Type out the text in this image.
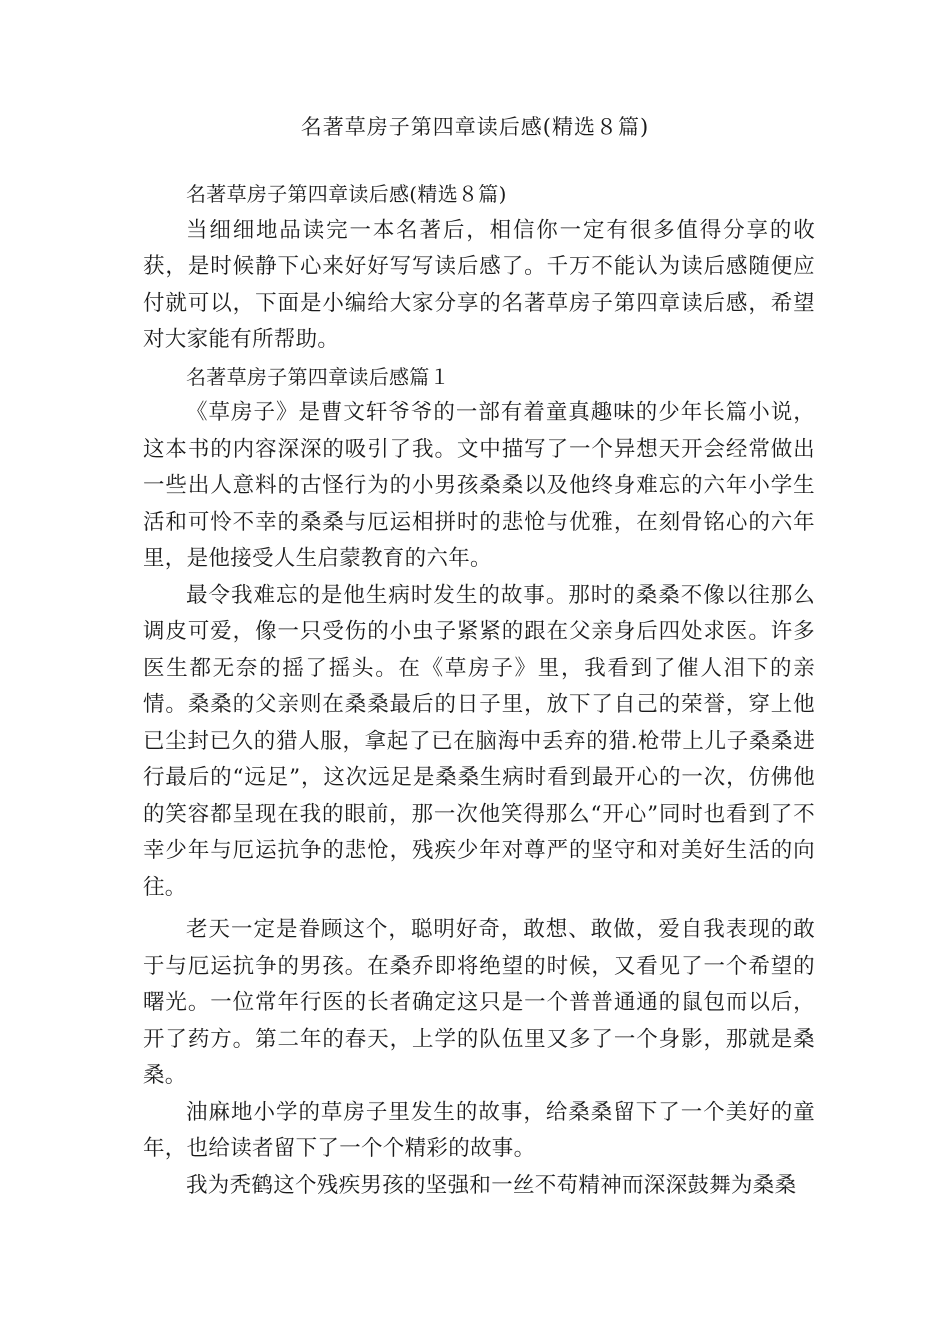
名著草房子第四章读后感(精选８篇)

名著草房子第四章读后感(精选８篇)

当细细地品读完一本名著后，相信你一定有很多值得分享的收获，是时候静下心来好好写写读后感了。千万不能认为读后感随便应付就可以，下面是小编给大家分享的名著草房子第四章读后感，希望对大家能有所帮助。

名著草房子第四章读后感篇１

《草房子》是曹文轩爷爷的一部有着童真趣味的少年长篇小说，这本书的内容深深的吸引了我。文中描写了一个异想天开会经常做出一些出人意料的古怪行为的小男孩桑桑以及他终身难忘的六年小学生活和可怜不幸的桑桑与厄运相拼时的悲怆与优雅，在刻骨铭心的六年里，是他接受人生启蒙教育的六年。

最令我难忘的是他生病时发生的故事。那时的桑桑不像以往那么调皮可爱，像一只受伤的小虫子紧紧的跟在父亲身后四处求医。许多医生都无奈的摇了摇头。在《草房子》里，我看到了催人泪下的亲情。桑桑的父亲则在桑桑最后的日子里，放下了自己的荣誉，穿上他已尘封已久的猎人服，拿起了已在脑海中丢弃的猎.枪带上儿子桑桑进行最后的“远足”，这次远足是桑桑生病时看到最开心的一次，仿佛他的笑容都呈现在我的眼前，那一次他笑得那么“开心”同时也看到了不幸少年与厄运抗争的悲怆，残疾少年对尊严的坚守和对美好生活的向往。

老天一定是眷顾这个，聪明好奇，敢想、敢做，爱自我表现的敢于与厄运抗争的男孩。在桑乔即将绝望的时候，又看见了一个希望的曙光。一位常年行医的长者确定这只是一个普普通通的鼠包而以后，开了药方。第二年的春天，上学的队伍里又多了一个身影，那就是桑桑。

油麻地小学的草房子里发生的故事，给桑桑留下了一个美好的童年，也给读者留下了一个个精彩的故事。

我为秃鹤这个残疾男孩的坚强和一丝不苟精神而深深鼓舞为桑桑
